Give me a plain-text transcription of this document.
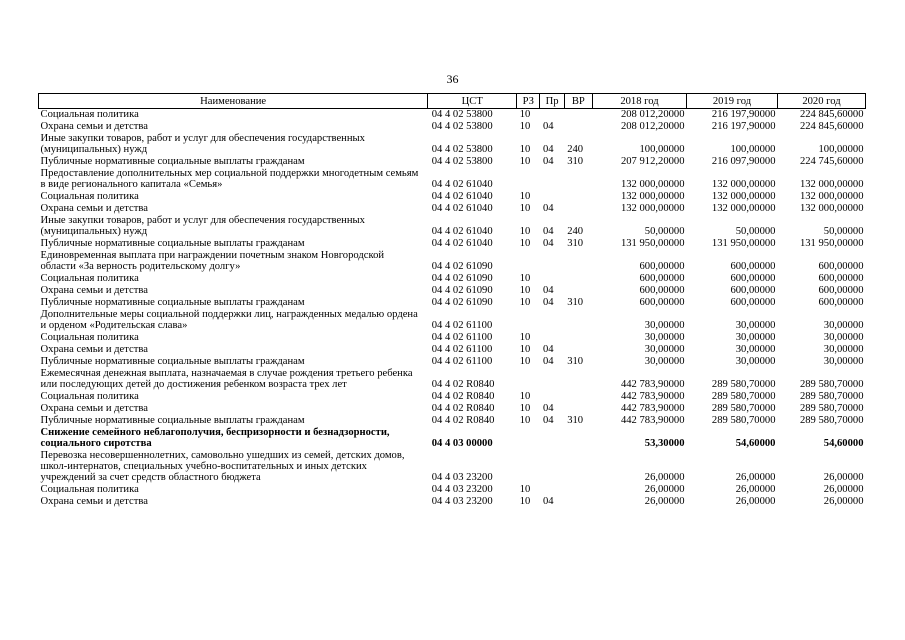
36
Наименование	ЦСТ	РЗ	Пр	ВР	2018 год	2019 год	2020 год
Социальная политика	04 4 02 53800	10			208 012,20000	216 197,90000	224 845,60000
Охрана семьи и детства	04 4 02 53800	10	04		208 012,20000	216 197,90000	224 845,60000
Иные закупки товаров, работ и услуг для обеспечения государственных (муниципальных) нужд	04 4 02 53800	10	04	240	100,00000	100,00000	100,00000
Публичные нормативные социальные выплаты гражданам	04 4 02 53800	10	04	310	207 912,20000	216 097,90000	224 745,60000
Предоставление дополнительных мер социальной поддержки многодетным семьям в виде регионального капитала «Семья»	04 4 02 61040				132 000,00000	132 000,00000	132 000,00000
Социальная политика	04 4 02 61040	10			132 000,00000	132 000,00000	132 000,00000
Охрана семьи и детства	04 4 02 61040	10	04		132 000,00000	132 000,00000	132 000,00000
Иные закупки товаров, работ и услуг для обеспечения государственных (муниципальных) нужд	04 4 02 61040	10	04	240	50,00000	50,00000	50,00000
Публичные нормативные социальные выплаты гражданам	04 4 02 61040	10	04	310	131 950,00000	131 950,00000	131 950,00000
Единовременная выплата при награждении почетным знаком Новгородской области «За верность родительскому долгу»	04 4 02 61090				600,00000	600,00000	600,00000
Социальная политика	04 4 02 61090	10			600,00000	600,00000	600,00000
Охрана семьи и детства	04 4 02 61090	10	04		600,00000	600,00000	600,00000
Публичные нормативные социальные выплаты гражданам	04 4 02 61090	10	04	310	600,00000	600,00000	600,00000
Дополнительные меры социальной поддержки лиц, награжденных медалью ордена и орденом «Родительская слава»	04 4 02 61100				30,00000	30,00000	30,00000
Социальная политика	04 4 02 61100	10			30,00000	30,00000	30,00000
Охрана семьи и детства	04 4 02 61100	10	04		30,00000	30,00000	30,00000
Публичные нормативные социальные выплаты гражданам	04 4 02 61100	10	04	310	30,00000	30,00000	30,00000
Ежемесячная денежная выплата, назначаемая в случае рождения третьего ребенка или последующих детей до достижения ребенком возраста трех лет	04 4 02 R0840				442 783,90000	289 580,70000	289 580,70000
Социальная политика	04 4 02 R0840	10			442 783,90000	289 580,70000	289 580,70000
Охрана семьи и детства	04 4 02 R0840	10	04		442 783,90000	289 580,70000	289 580,70000
Публичные нормативные социальные выплаты гражданам	04 4 02 R0840	10	04	310	442 783,90000	289 580,70000	289 580,70000
Снижение семейного неблагополучия, беспризорности и безнадзорности, социального сиротства	04 4 03 00000				53,30000	54,60000	54,60000
Перевозка несовершеннолетних, самовольно ушедших из семей, детских домов, школ-интернатов, специальных учебно-воспитательных и иных детских учреждений за счет средств областного бюджета	04 4 03 23200				26,00000	26,00000	26,00000
Социальная политика	04 4 03 23200	10			26,00000	26,00000	26,00000
Охрана семьи и детства	04 4 03 23200	10	04		26,00000	26,00000	26,00000
